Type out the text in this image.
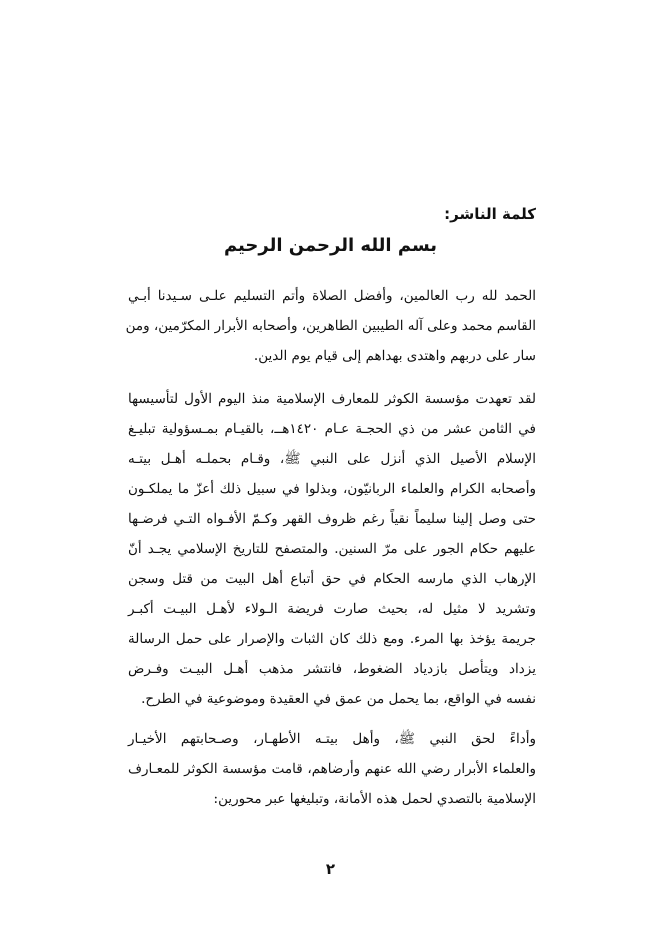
كلمة الناشر:
بسم الله الرحمن الرحيم

الحمد لله رب العالمين، وأفضل الصلاة وأتم التسليم علـى سـيدنا أبـي
القاسم محمد وعلى آله الطيبين الطاهرين، وأصحابه الأبرار المكرّمين، ومن
سار على دربهم واهتدى بهداهم إلى قيام يوم الدين.

لقد تعهدت مؤسسة الكوثر للمعارف الإسلامية منذ اليوم الأول لتأسيسها
في الثامن عشر من ذي الحجـة عـام ١٤٢٠هــ، بالقيـام بمـسؤولية تبليـغ
الإسلام الأصيل الذي أنزل على النبي ﷺ، وقـام بحملـه أهـل بيتـه
وأصحابه الكرام والعلماء الربانيّون، وبذلوا في سبيل ذلك أعزّ ما يملكـون
حتى وصل إلينا سليماً نقياً رغم ظروف القهر وكـمّ الأفـواه التـي فرضـها
عليهم حكام الجور على مرّ السنين. والمتصفح للتاريخ الإسلامي يجـد أنّ
الإرهاب الذي مارسه الحكام في حق أتباع أهل البيت من قتل وسجن
وتشريد لا مثيل له، بحيث صارت فريضة الـولاء لأهـل البيـت أكبـر
جريمة يؤخذ بها المرء. ومع ذلك كان الثبات والإصرار على حمل الرسالة
يزداد ويتأصل بازدياد الضغوط، فانتشر مذهب أهـل البيـت وفـرض
نفسه في الواقع، بما يحمل من عمق في العقيدة وموضوعية في الطرح.

وأداءً لحق النبي ﷺ، وأهل بيتـه الأطهـار، وصـحابتهم الأخيـار
والعلماء الأبرار رضي الله عنهم وأرضاهم، قامت مؤسسة الكوثر للمعـارف
الإسلامية بالتصدي لحمل هذه الأمانة، وتبليغها عبر محورين:

٢
